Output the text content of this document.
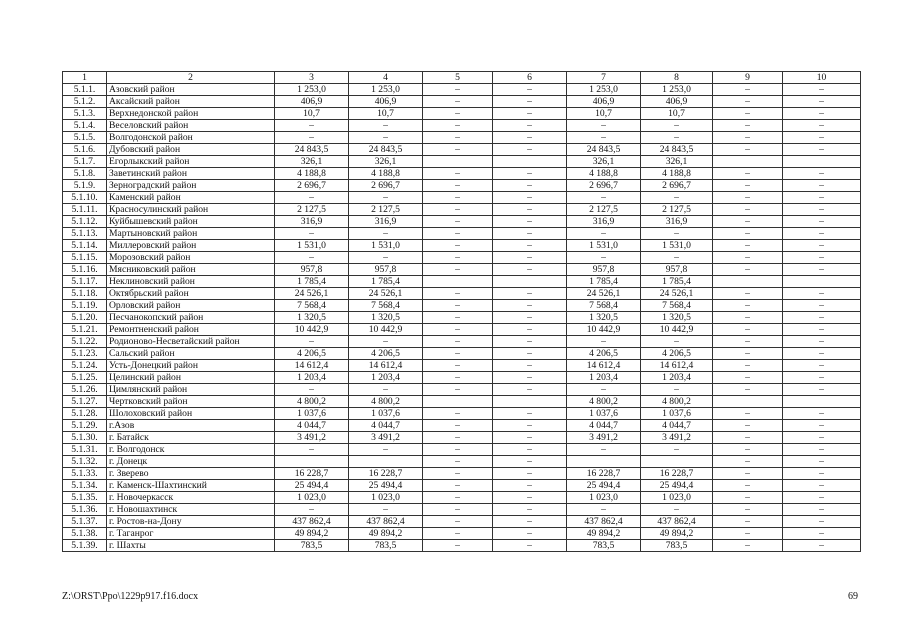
1	2	3	4	5	6	7	8	9	10
5.1.1.	Азовский район	1 253,0	1 253,0	–	–	1 253,0	1 253,0	–	–
5.1.2.	Аксайский район	406,9	406,9	–	–	406,9	406,9	–	–
5.1.3.	Верхнедонской район	10,7	10,7	–	–	10,7	10,7	–	–
5.1.4.	Веселовский район	–	–	–	–	–	–	–	–
5.1.5.	Волгодонской район	–	–	–	–	–	–	–	–
5.1.6.	Дубовский район	24 843,5	24 843,5	–	–	24 843,5	24 843,5	–	–
5.1.7.	Егорлыкский район	326,1	326,1			326,1	326,1		
5.1.8.	Заветинский район	4 188,8	4 188,8	–	–	4 188,8	4 188,8	–	–
5.1.9.	Зерноградский район	2 696,7	2 696,7	–	–	2 696,7	2 696,7	–	–
5.1.10.	Каменский район	–	–	–	–	–	–	–	–
5.1.11.	Красносулинский район	2 127,5	2 127,5	–	–	2 127,5	2 127,5	–	–
5.1.12.	Куйбышевский район	316,9	316,9	–	–	316,9	316,9	–	–
5.1.13.	Мартыновский район	–	–	–	–	–	–	–	–
5.1.14.	Миллеровский район	1 531,0	1 531,0	–	–	1 531,0	1 531,0	–	–
5.1.15.	Морозовский район	–	–	–	–	–	–	–	–
5.1.16.	Мясниковский район	957,8	957,8	–	–	957,8	957,8	–	–
5.1.17.	Неклиновский район	1 785,4	1 785,4			1 785,4	1 785,4		
5.1.18.	Октябрьский район	24 526,1	24 526,1	–	–	24 526,1	24 526,1	–	–
5.1.19.	Орловский район	7 568,4	7 568,4	–	–	7 568,4	7 568,4	–	–
5.1.20.	Песчанокопский район	1 320,5	1 320,5	–	–	1 320,5	1 320,5	–	–
5.1.21.	Ремонтненский район	10 442,9	10 442,9	–	–	10 442,9	10 442,9	–	–
5.1.22.	Родионово-Несветайский район	–	–	–	–	–	–	–	–
5.1.23.	Сальский район	4 206,5	4 206,5	–	–	4 206,5	4 206,5	–	–
5.1.24.	Усть-Донецкий район	14 612,4	14 612,4	–	–	14 612,4	14 612,4	–	–
5.1.25.	Целинский район	1 203,4	1 203,4	–	–	1 203,4	1 203,4	–	–
5.1.26.	Цимлянский район	–	–	–	–	–	–	–	–
5.1.27.	Чертковский район	4 800,2	4 800,2			4 800,2	4 800,2		
5.1.28.	Шолоховский район	1 037,6	1 037,6	–	–	1 037,6	1 037,6	–	–
5.1.29.	г.Азов	4 044,7	4 044,7	–	–	4 044,7	4 044,7	–	–
5.1.30.	г. Батайск	3 491,2	3 491,2	–	–	3 491,2	3 491,2	–	–
5.1.31.	г. Волгодонск	–	–	–	–	–	–	–	–
5.1.32.	г. Донецк			–	–			–	–
5.1.33.	г. Зверево	16 228,7	16 228,7	–	–	16 228,7	16 228,7	–	–
5.1.34.	г. Каменск-Шахтинский	25 494,4	25 494,4	–	–	25 494,4	25 494,4	–	–
5.1.35.	г. Новочеркасск	1 023,0	1 023,0	–	–	1 023,0	1 023,0	–	–
5.1.36.	г. Новошахтинск	–	–	–	–	–	–	–	–
5.1.37.	г. Ростов-на-Дону	437 862,4	437 862,4	–	–	437 862,4	437 862,4	–	–
5.1.38.	г. Таганрог	49 894,2	49 894,2	–	–	49 894,2	49 894,2	–	–
5.1.39.	г. Шахты	783,5	783,5	–	–	783,5	783,5	–	–
Z:\ORST\Ppo\1229p917.f16.docx	69
